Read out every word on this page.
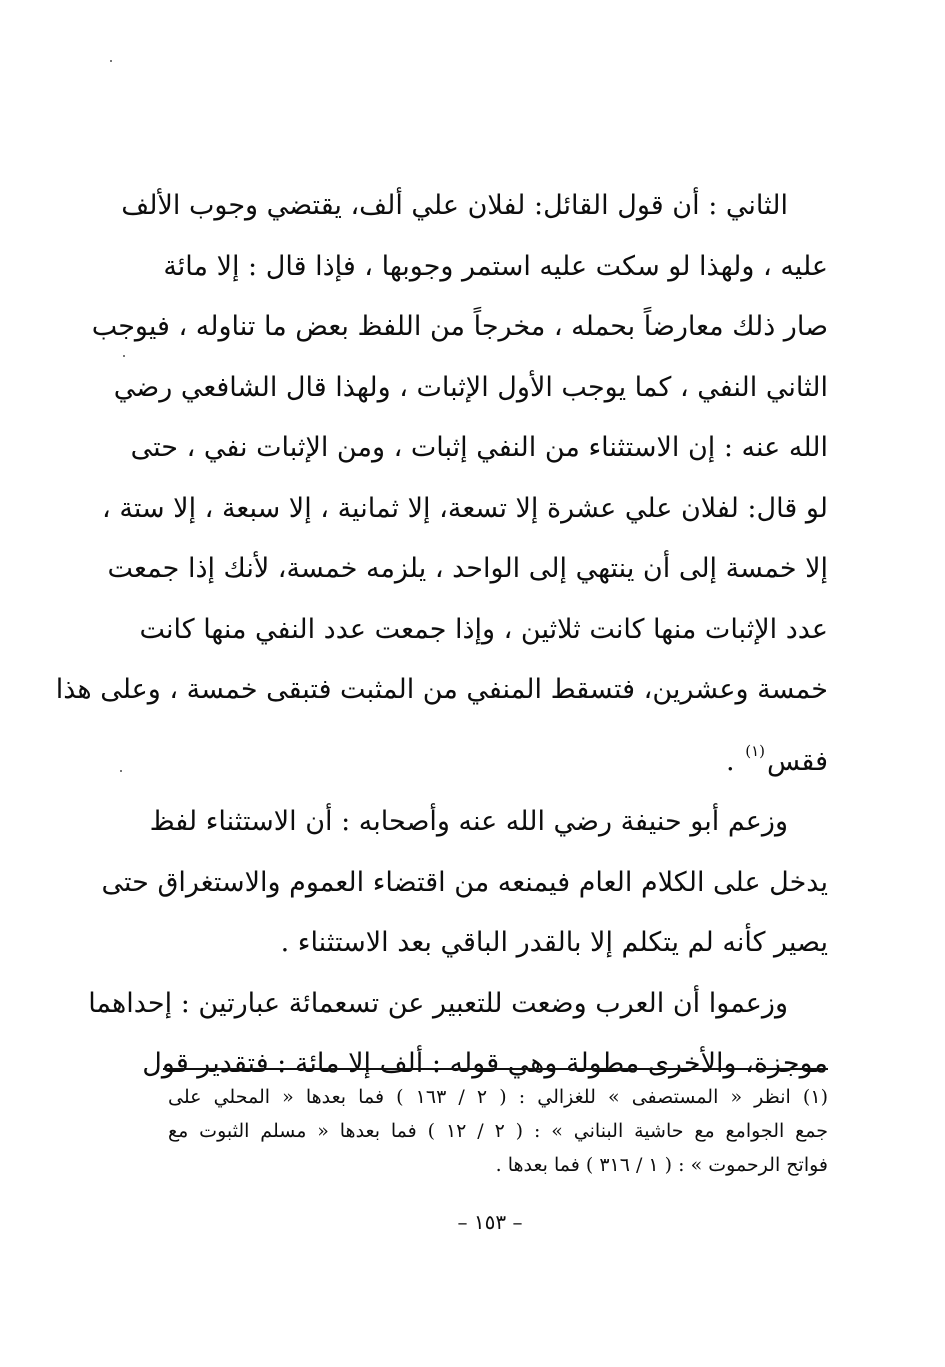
الثاني : أن قول القائل: لفلان علي ألف، يقتضي وجوب الألف
عليه ، ولهذا لو سكت عليه استمر وجوبها ، فإذا قال : إلا مائة
صار ذلك معارضاً بحمله ، مخرجاً من اللفظ بعض ما تناوله ، فيوجب
الثاني النفي ، كما يوجب الأول الإثبات ، ولهذا قال الشافعي رضي
الله عنه : إن الاستثناء من النفي إثبات ، ومن الإثبات نفي ، حتى
لو قال: لفلان علي عشرة إلا تسعة، إلا ثمانية ، إلا سبعة ، إلا ستة ،
إلا خمسة إلى أن ينتهي إلى الواحد ، يلزمه خمسة، لأنك إذا جمعت
عدد الإثبات منها كانت ثلاثين ، وإذا جمعت عدد النفي منها كانت
خمسة وعشرين، فتسقط المنفي من المثبت فتبقى خمسة ، وعلى هذا
فقس$^{(١)}$ .

وزعم أبو حنيفة رضي الله عنه وأصحابه : أن الاستثناء لفظ
يدخل على الكلام العام فيمنعه من اقتضاء العموم والاستغراق حتى
يصير كأنه لم يتكلم إلا بالقدر الباقي بعد الاستثناء .

وزعموا أن العرب وضعت للتعبير عن تسعمائة عبارتين : إحداهما
موجزة، والأخرى مطولة وهي قوله : ألف إلا مائة : فتقدير قول

(١) انظر « المستصفى » للغزالي : ( ٢ / ١٦٣ ) فما بعدها « المحلي على
جمع الجوامع مع حاشية البناني » : ( ٢ / ١٢ ) فما بعدها « مسلم الثبوت مع
فواتح الرحموت » : ( ١ / ٣١٦ ) فما بعدها .
– ١٥٣ –
